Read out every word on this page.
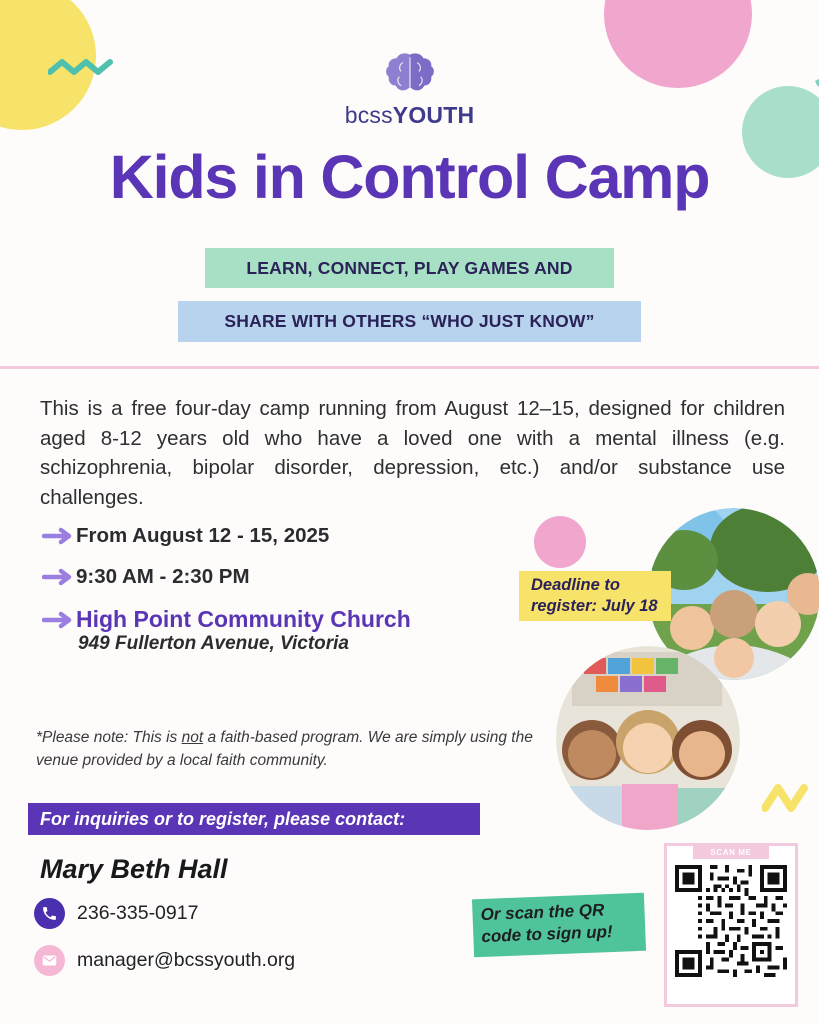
bcssYOUTH
Kids in Control Camp
LEARN, CONNECT, PLAY GAMES AND
SHARE WITH OTHERS “WHO JUST KNOW”
This is a free four-day camp running from August 12–15, designed for children aged 8-12 years old who have a loved one with a mental illness (e.g. schizophrenia, bipolar disorder, depression, etc.) and/or substance use challenges.
From August 12 - 15, 2025
9:30 AM - 2:30 PM
High Point Community Church
949 Fullerton Avenue, Victoria
*Please note: This is not a faith-based program. We are simply using the venue provided by a local faith community.
Deadline to
register: July 18
For inquiries or to register, please contact:
Mary Beth Hall
236-335-0917
manager@bcssyouth.org
Or scan the QR
code to sign up!
SCAN ME
